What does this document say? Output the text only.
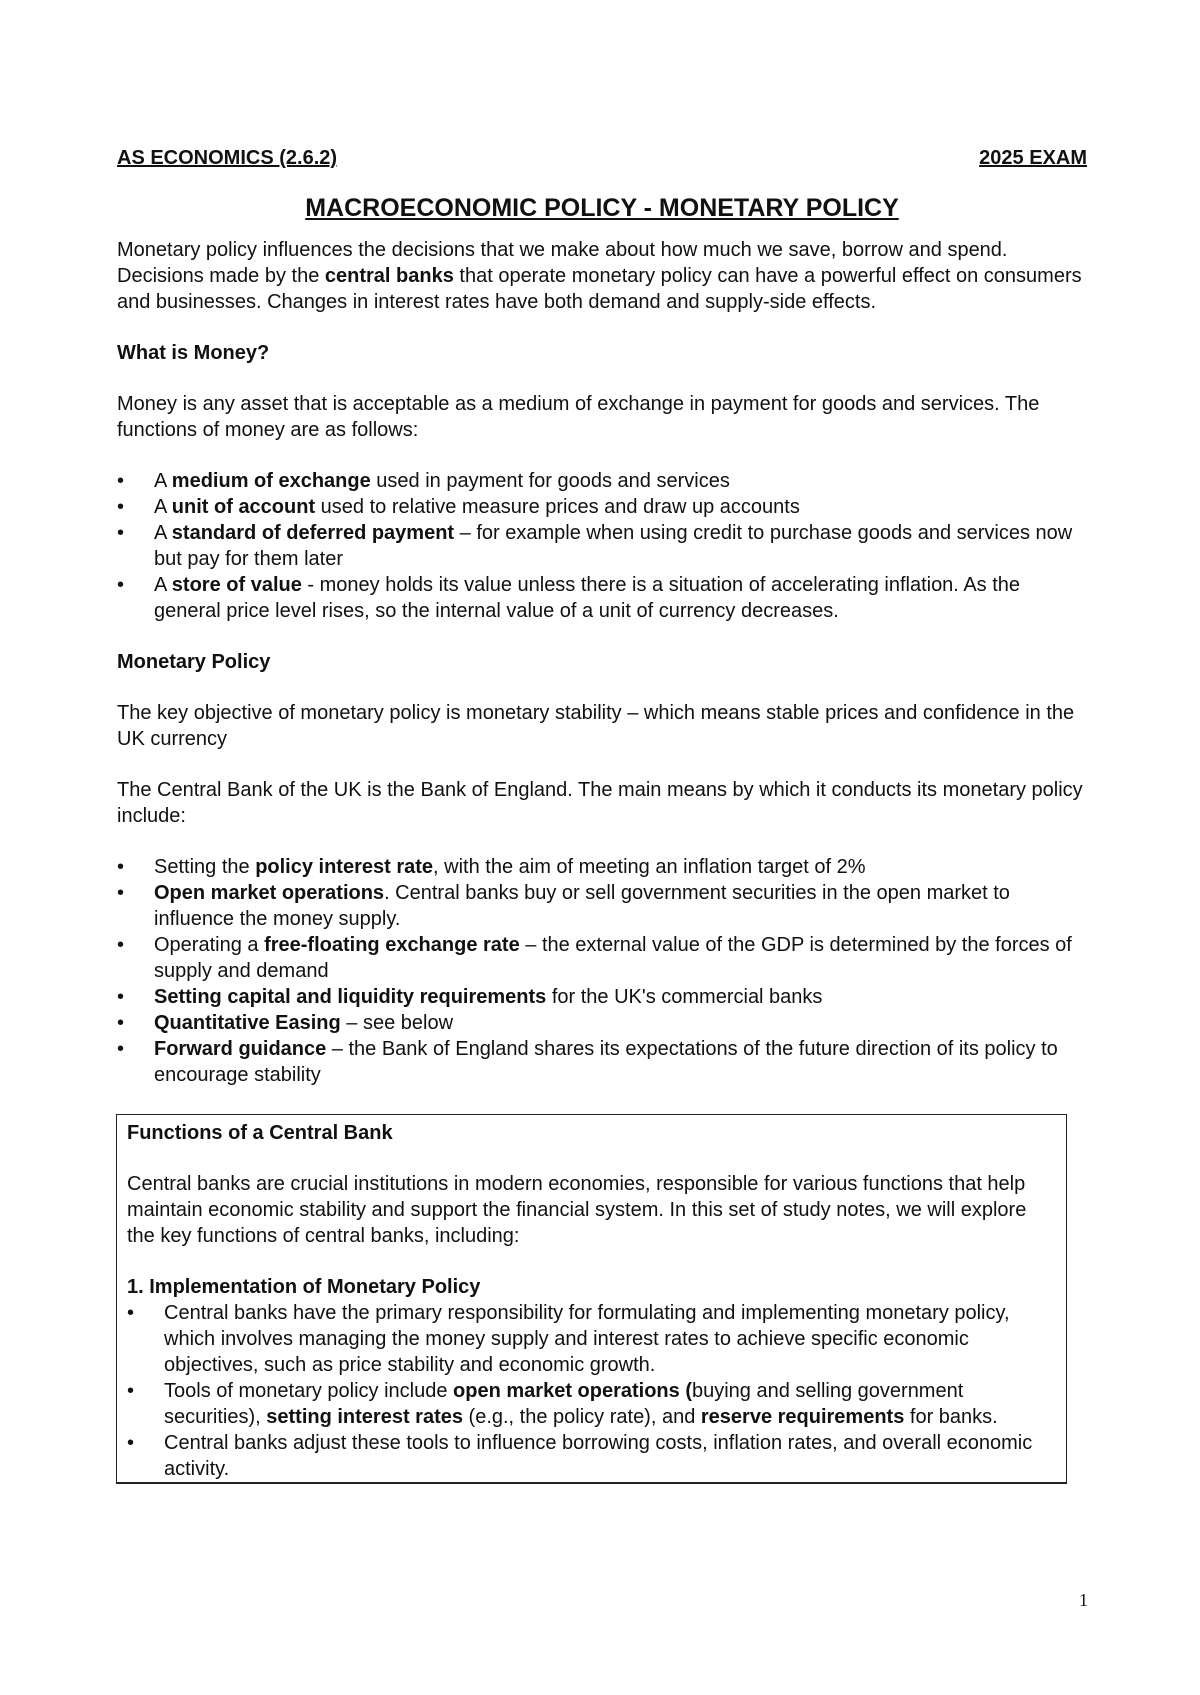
AS ECONOMICS (2.6.2)	2025 EXAM
MACROECONOMIC POLICY - MONETARY POLICY

Monetary policy influences the decisions that we make about how much we save, borrow and spend. Decisions made by the central banks that operate monetary policy can have a powerful effect on consumers and businesses. Changes in interest rates have both demand and supply-side effects.

What is Money?

Money is any asset that is acceptable as a medium of exchange in payment for goods and services. The functions of money are as follows:

• A medium of exchange used in payment for goods and services
• A unit of account used to relative measure prices and draw up accounts
• A standard of deferred payment – for example when using credit to purchase goods and services now but pay for them later
• A store of value - money holds its value unless there is a situation of accelerating inflation. As the general price level rises, so the internal value of a unit of currency decreases.
Monetary Policy

The key objective of monetary policy is monetary stability – which means stable prices and confidence in the UK currency

The Central Bank of the UK is the Bank of England. The main means by which it conducts its monetary policy include:

• Setting the policy interest rate, with the aim of meeting an inflation target of 2%
• Open market operations. Central banks buy or sell government securities in the open market to influence the money supply.
• Operating a free-floating exchange rate – the external value of the GDP is determined by the forces of supply and demand
• Setting capital and liquidity requirements for the UK's commercial banks
• Quantitative Easing – see below
• Forward guidance – the Bank of England shares its expectations of the future direction of its policy to encourage stability
Functions of a Central Bank

Central banks are crucial institutions in modern economies, responsible for various functions that help maintain economic stability and support the financial system. In this set of study notes, we will explore the key functions of central banks, including:

1. Implementation of Monetary Policy
• Central banks have the primary responsibility for formulating and implementing monetary policy, which involves managing the money supply and interest rates to achieve specific economic objectives, such as price stability and economic growth.
• Tools of monetary policy include open market operations (buying and selling government securities), setting interest rates (e.g., the policy rate), and reserve requirements for banks.
• Central banks adjust these tools to influence borrowing costs, inflation rates, and overall economic activity.
1
